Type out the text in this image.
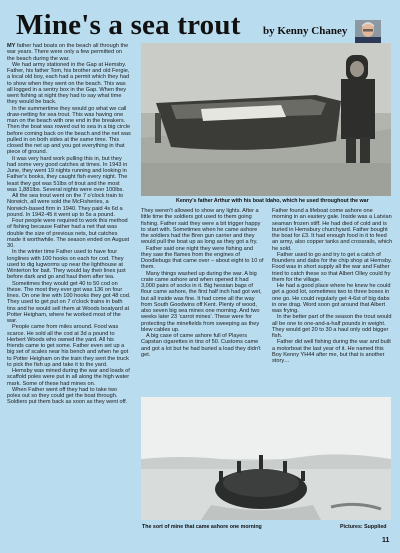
Mine's a sea trout by Kenny Chaney

MY father had boats on the beach all through the war years. There were only a few permitted on the beach during the war.

We had army stationed in the Gap at Hemsby. Father, his father Tom, his brother and old Fergie, a local old boy, each had a permit which they had to show when they went on the beach. This was all logged in a sentry box in the Gap. When they went fishing at night they had to say what time they would be back.

In the summertime they would go what we call draw-netting for sea trout. This was having one man on the beach with one end in the breakers. Then the boat was rowed out to sea in a big circle before coming back on the beach and the net was pulled in on both sides at the same time. This closed the net up and you got everything in that piece of ground.

It was very hard work pulling this in, but they had some very good catches at times. In 1943 in June, they went 19 nights running and looking in Father's books, they caught fish every night. The least they got was 51lbs of trout and the most was 1,881lbs. Several nights were over 100lbs.

All the sea trout went on the 7 o'clock train to Norwich, all were sold the McFisheries, a Norwich-based firm in 1940. They paid 4s 6d a pound. In 1942-45 it went up to 5s a pound.

Four people were required to work this method of fishing because Father had a net that was double the size of previous nets, but catches made it worthwhile. The season ended on August 30.

In the winter time Father used to have four longlines with 100 hooks on each for cod. They used to dig lugworms up near the lighthouse at Winterton for bait. They would lay their lines just before dark and go and haul them after tea.

Sometimes they would get 40 to 50 cod on these. The most they ever got was 136 on four lines. On one line with 100 hooks they got 48 cod. They used to get put on 7 o'clock trains in bath tins and he would sell them at Woods boatyard at Potter Heigham, where he worked most of the war.

People came from miles around. Food was scarce. He sold all the cod at 3d a pound to Herbert Woods who owned the yard. All his friends came to get some. Father even set up a big set of scales near his bench and when he got to Potter Heigham on the train they sent the truck to pick the fish up and take it to the yard.

Hemsby was mined during the war and loads of scaffold poles were put in all along the high water mark. Some of these had mines on.

When Father went off they had to take two poles out so they could get the boat through. Soldiers put them back as soon as they went off.

Kenny's father Arthur with his boat Idaho, which he used throughout the war

They weren't allowed to show any lights. After a little time the soldiers got used to them going fishing. Father said they were a bit trigger happy to start with. Sometimes when he came ashore the soldiers had the Bren gun carrier and they would pull the boat up as long as they got a fry.

Father said one night they were fishing and they saw the flames from the engines of Doodlebugs that came over – about eight to 10 of them.

Many things washed up during the war. A big crate came ashore and when opened it had 3,000 pairs of socks in it. Big hessian bags of flour came ashore, the first half inch had got wet, but all inside was fine. It had come all the way from South Goodwins off Kent. Plenty of wood, also seven big sea mines one morning. And two weeks later 23 'carrot mines'. These were for protecting the minefields from sweeping as they blew cables up.

A big case of came ashore full of Players Capstan cigarettes in tins of 50. Customs came and got a lot but he had buried a load they didn't get.

Father found a lifeboat come ashore one morning in an eastery gale. Inside was a Latvian seaman frozen stiff. He had died of cold and is buried in Hemsbury churchyard. Father bought the boat for £3. It had enough food in it to feed an army, also copper tanks and crossrails, which he sold.

Father used to go and try to get a catch of flounders and dabs for the chip shop at Hemsby. Food was in short supply all the war and Father tried to catch these so that Albert Olley could fry them for the village.

He had a good place where he knew he could get a good lot, sometimes two to three boxes in one go. He could regularly get 4-6st of big dabs in one drag. Word soon got around that Albert was frying.

In the better part of the season the trout would all be one to one-and-a-half pounds in weight. They would get 20 to 30 a haul only odd bigger fish.

Father did well fishing during the war and built a motorboat the last year of it. He named this Boy Kenny YH44 after me, but that is another story…

The sort of mine that came ashore one morning	Pictures: Supplied
11
